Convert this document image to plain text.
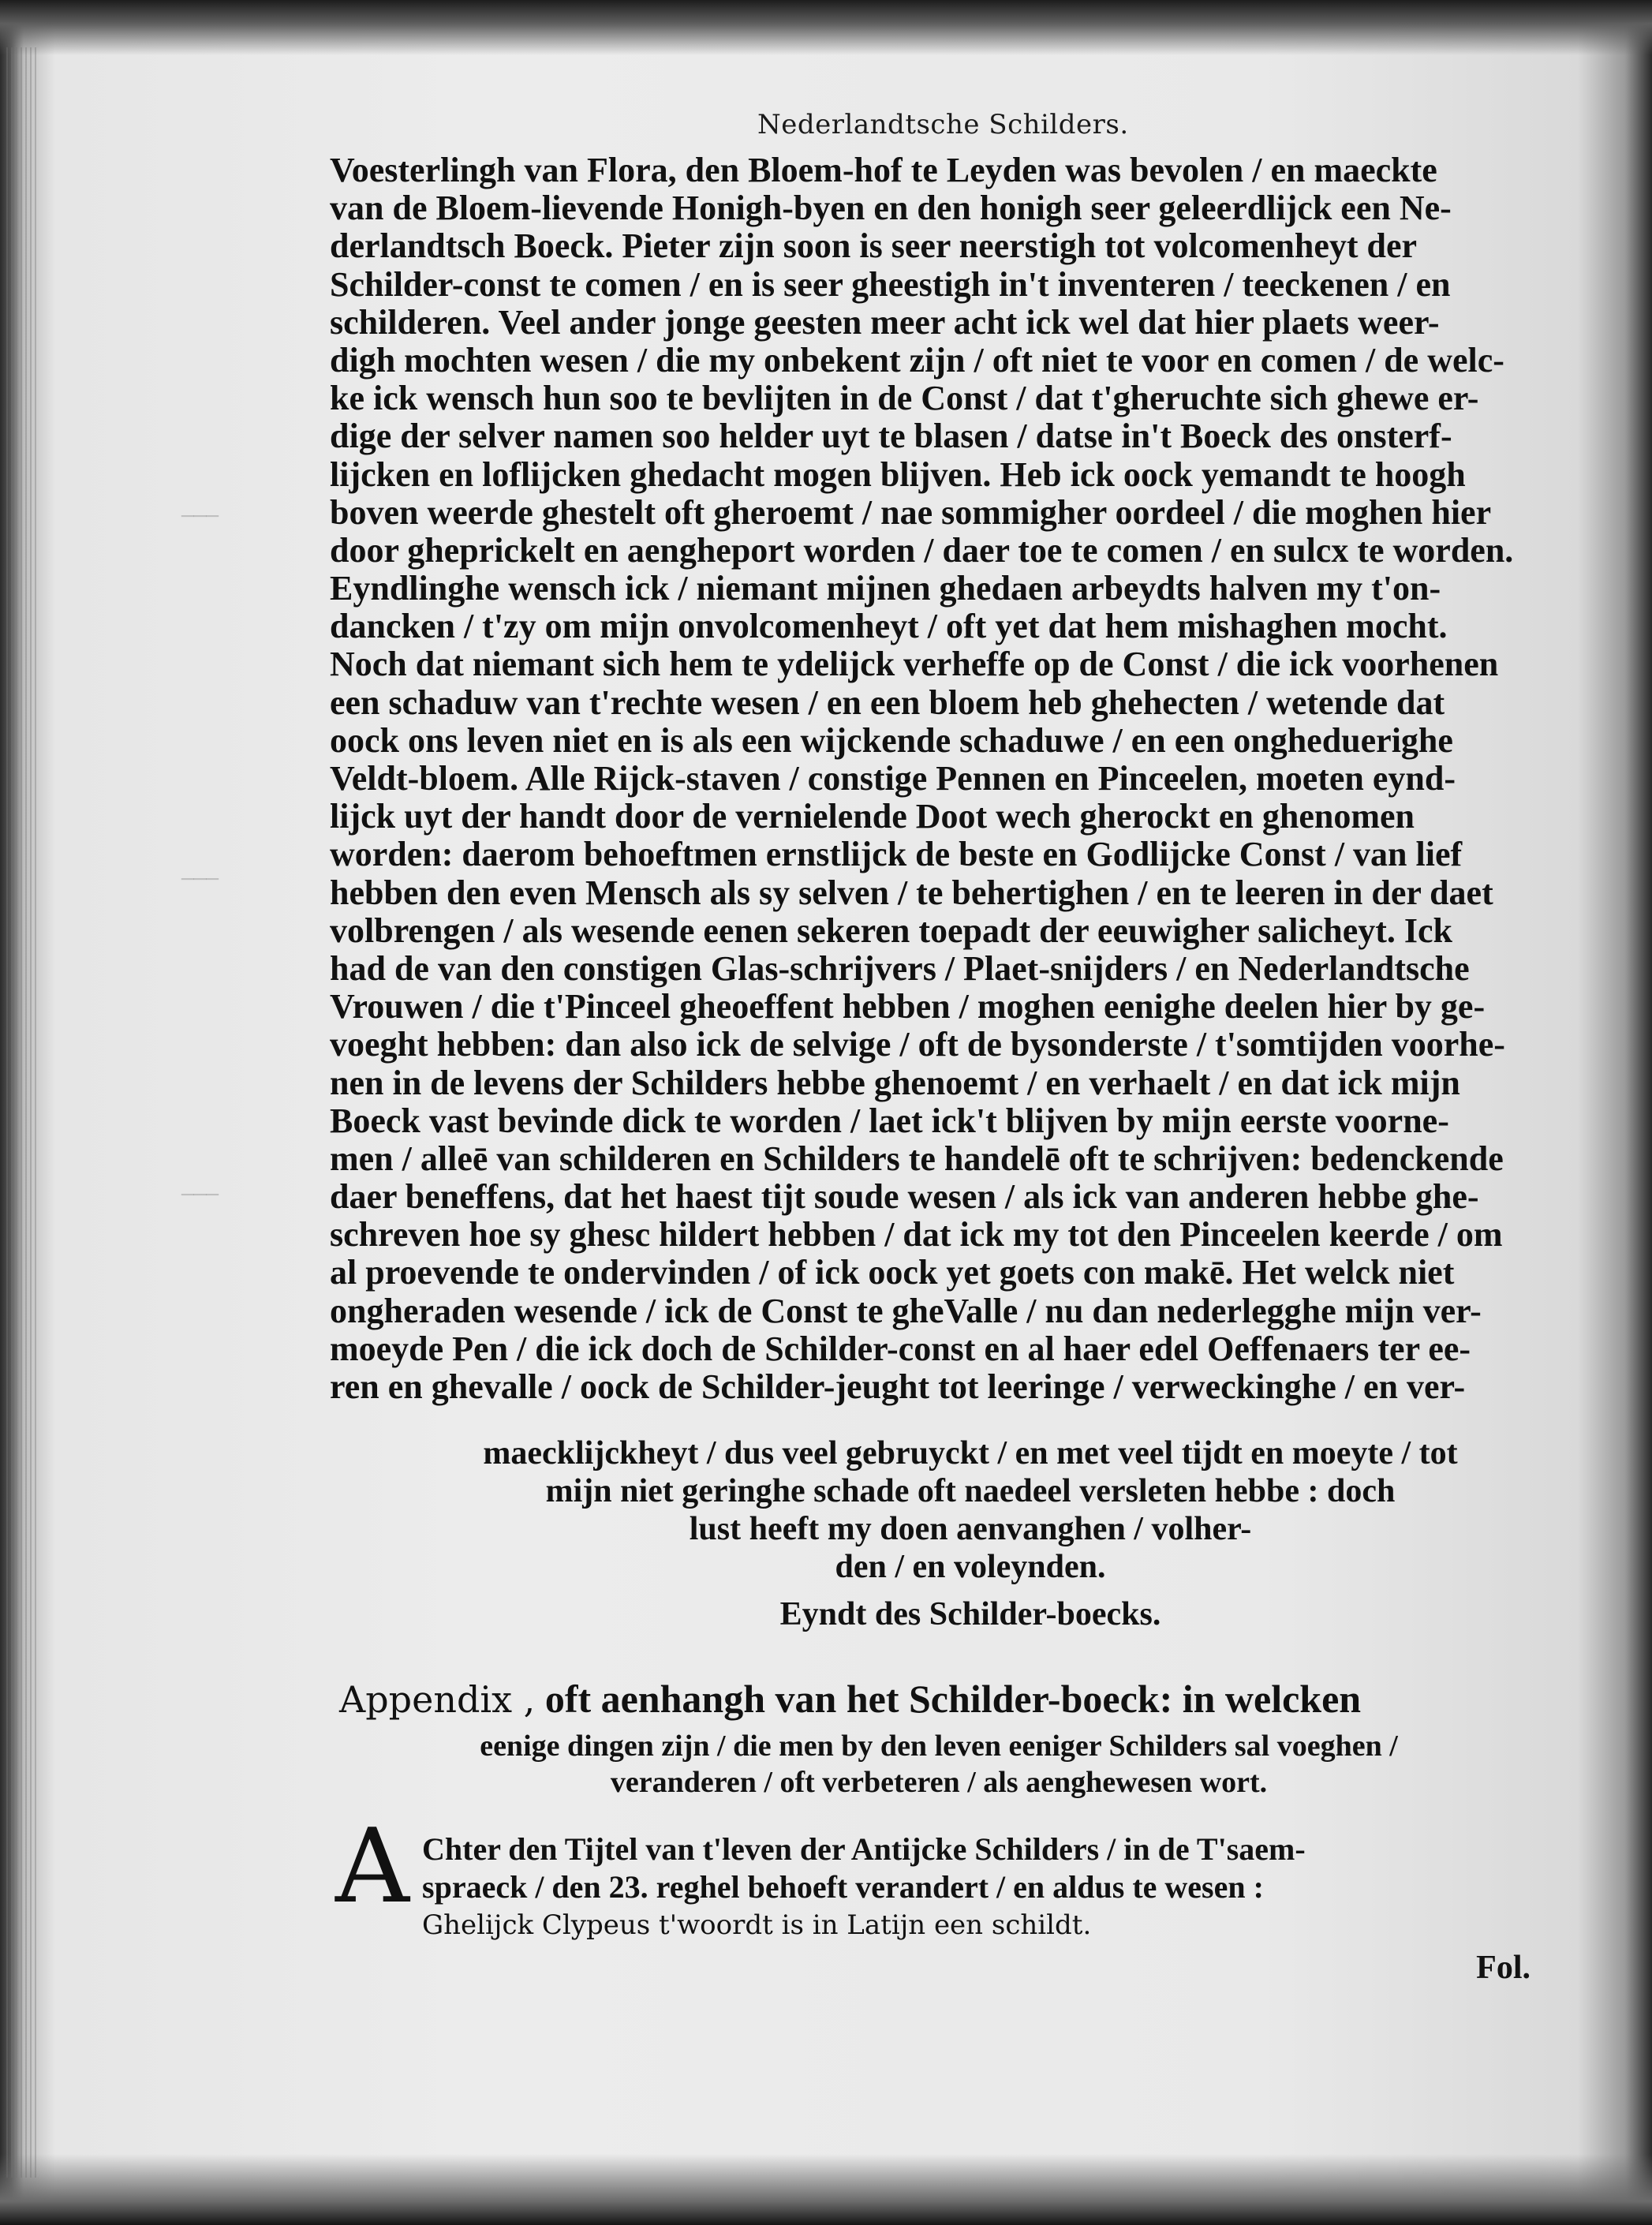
───
───
───
Nederlandtsche Schilders.
Voesterlingh van Flora, den Bloem-hof te Leyden was bevolen / en maeckte
van de Bloem-lievende Honigh-byen en den honigh seer geleerdlijck een Ne-
derlandtsch Boeck. Pieter zijn soon is seer neerstigh tot volcomenheyt der
Schilder-const te comen / en is seer gheestigh in't inventeren / teeckenen / en
schilderen. Veel ander jonge geesten meer acht ick wel dat hier plaets weer-
digh mochten wesen / die my onbekent zijn / oft niet te voor en comen / de welc-
ke ick wensch hun soo te bevlijten in de Const / dat t'gheruchte sich ghewe er-
dige der selver namen soo helder uyt te blasen / datse in't Boeck des onsterf-
lijcken en loflijcken ghedacht mogen blijven. Heb ick oock yemandt te hoogh
boven weerde ghestelt oft gheroemt / nae sommigher oordeel / die moghen hier
door gheprickelt en aengheport worden / daer toe te comen / en sulcx te worden.
Eyndlinghe wensch ick / niemant mijnen ghedaen arbeydts halven my t'on-
dancken / t'zy om mijn onvolcomenheyt / oft yet dat hem mishaghen mocht.
Noch dat niemant sich hem te ydelijck verheffe op de Const / die ick voorhenen
een schaduw van t'rechte wesen / en een bloem heb ghehecten / wetende dat
oock ons leven niet en is als een wijckende schaduwe / en een ongheduerighe
Veldt-bloem. Alle Rijck-staven / constige Pennen en Pinceelen, moeten eynd-
lijck uyt der handt door de vernielende Doot wech gherockt en ghenomen
worden: daerom behoeftmen ernstlijck de beste en Godlijcke Const / van lief
hebben den even Mensch als sy selven / te behertighen / en te leeren in der daet
volbrengen / als wesende eenen sekeren toepadt der eeuwigher salicheyt. Ick
had de van den constigen Glas-schrijvers / Plaet-snijders / en Nederlandtsche
Vrouwen / die t'Pinceel gheoeffent hebben / moghen eenighe deelen hier by ge-
voeght hebben: dan also ick de selvige / oft de bysonderste / t'somtijden voorhe-
nen in de levens der Schilders hebbe ghenoemt / en verhaelt / en dat ick mijn
Boeck vast bevinde dick te worden / laet ick't blijven by mijn eerste voorne-
men / alleē van schilderen en Schilders te handelē oft te schrijven: bedenckende
daer beneffens, dat het haest tijt soude wesen / als ick van anderen hebbe ghe-
schreven hoe sy ghesc hildert hebben / dat ick my tot den Pinceelen keerde / om
al proevende te ondervinden / of ick oock yet goets con makē. Het welck niet
ongheraden wesende / ick de Const te gheValle / nu dan nederlegghe mijn ver-
moeyde Pen / die ick doch de Schilder-const en al haer edel Oeffenaers ter ee-
ren en ghevalle / oock de Schilder-jeught tot leeringe / verweckinghe / en ver-
maecklijckheyt / dus veel gebruyckt / en met veel tijdt en moeyte / tot
mijn niet geringhe schade oft naedeel versleten hebbe : doch
lust heeft my doen aenvanghen / volher-
den / en voleynden.
Eyndt des Schilder-boecks.
Appendix , oft aenhangh van het Schilder-boeck: in welcken
eenige dingen zijn / die men by den leven eeniger Schilders sal voeghen /
veranderen / oft verbeteren / als aenghewesen wort.
A Chter den Tijtel van t'leven der Antijcke Schilders / in de T'saem-
spraeck / den 23. reghel behoeft verandert / en aldus te wesen :
Ghelijck Clypeus t'woordt is in Latijn een schildt.
Fol.
